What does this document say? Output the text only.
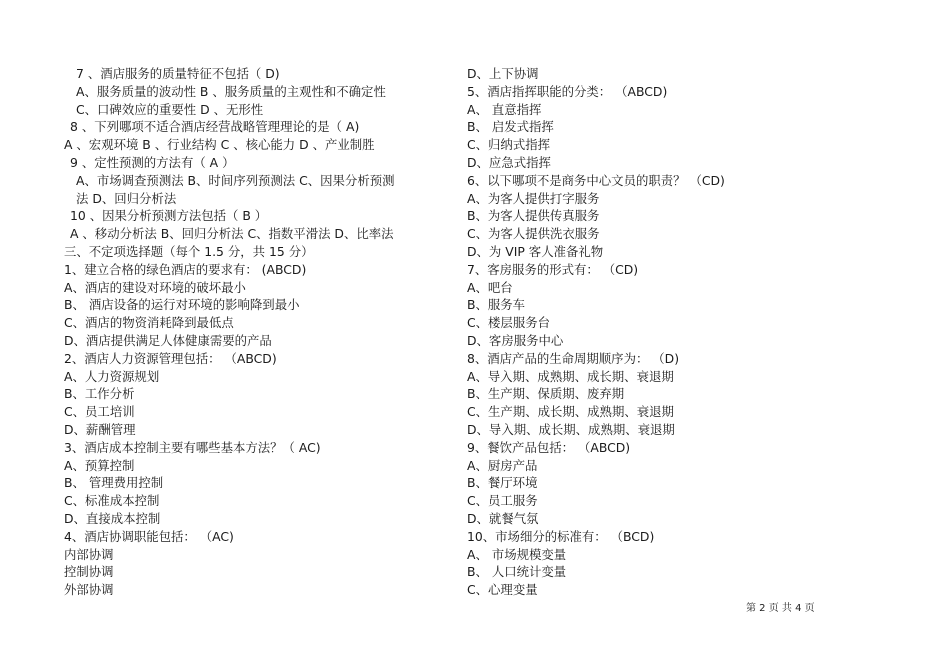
7 、酒店服务的质量特征不包括（ D)
A、服务质量的波动性 B 、服务质量的主观性和不确定性
C、口碑效应的重要性 D 、无形性
8 、下列哪项不适合酒店经营战略管理理论的是（ A)
A 、宏观环境 B 、行业结构 C 、核心能力 D 、产业制胜
9 、定性预测的方法有（ A ）
A、市场调查预测法 B、时间序列预测法 C、因果分析预测
法 D、回归分析法
10 、因果分析预测方法包括（ B ）
A 、移动分析法 B、回归分析法 C、指数平滑法 D、比率法
三、不定项选择题（每个 1.5 分，共 15 分）
1、建立合格的绿色酒店的要求有： (ABCD)
A、酒店的建设对环境的破坏最小
B、 酒店设备的运行对环境的影响降到最小
C、酒店的物资消耗降到最低点
D、酒店提供满足人体健康需要的产品
2、酒店人力资源管理包括： （ABCD)
A、人力资源规划
B、工作分析
C、员工培训
D、薪酬管理
3、酒店成本控制主要有哪些基本方法？（ AC)
A、预算控制
B、 管理费用控制
C、标准成本控制
D、直接成本控制
4、酒店协调职能包括： （AC)
内部协调
控制协调
外部协调
D、上下协调
5、酒店指挥职能的分类： （ABCD)
A、 直意指挥
B、 启发式指挥
C、归纳式指挥
D、应急式指挥
6、以下哪项不是商务中心文员的职责？ （CD)
A、为客人提供打字服务
B、为客人提供传真服务
C、为客人提供洗衣服务
D、为 VIP 客人准备礼物
7、客房服务的形式有： （CD)
A、吧台
B、服务车
C、楼层服务台
D、客房服务中心
8、酒店产品的生命周期顺序为： （D)
A、导入期、成熟期、成长期、衰退期
B、生产期、保质期、废弃期
C、生产期、成长期、成熟期、衰退期
D、导入期、成长期、成熟期、衰退期
9、餐饮产品包括： （ABCD)
A、厨房产品
B、餐厅环境
C、员工服务
D、就餐气氛
10、市场细分的标准有： （BCD)
A、 市场规模变量
B、 人口统计变量
C、心理变量
第 2 页 共 4 页
